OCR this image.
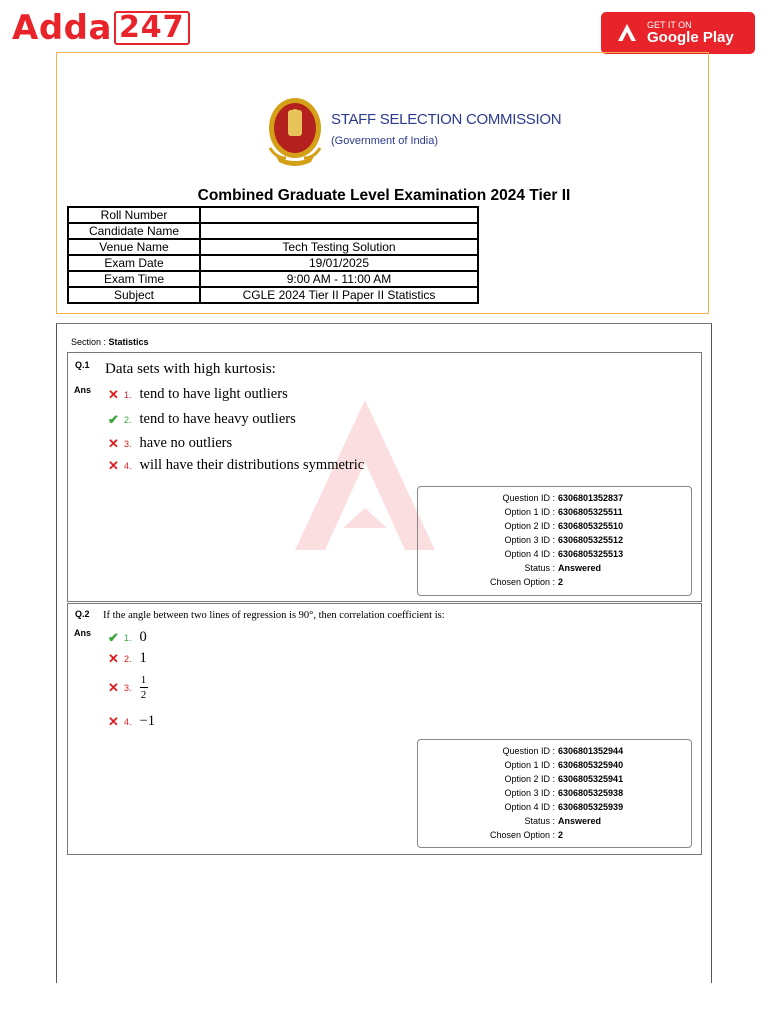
Adda 247	GET IT ON
Google Play
STAFF SELECTION COMMISSION
(Government of India)
Combined Graduate Level Examination 2024 Tier II
Roll Number	
Candidate Name	
Venue Name	Tech Testing Solution
Exam Date	19/01/2025
Exam Time	9:00 AM - 11:00 AM
Subject	CGLE 2024 Tier II Paper II Statistics
Section : Statistics
Q.1
Ans
Data sets with high kurtosis:
✕ 1. tend to have light outliers
✔ 2. tend to have heavy outliers
✕ 3. have no outliers
✕ 4. will have their distributions symmetric
Question ID : 6306801352837
Option 1 ID : 6306805325511
Option 2 ID : 6306805325510
Option 3 ID : 6306805325512
Option 4 ID : 6306805325513
Status : Answered
Chosen Option : 2
Q.2
Ans
If the angle between two lines of regression is 90°, then correlation coefficient is:
✔ 1. 0
✕ 2. 1
✕ 3. $\frac{1}{2}$
✕ 4. −1
Question ID : 6306801352944
Option 1 ID : 6306805325940
Option 2 ID : 6306805325941
Option 3 ID : 6306805325938
Option 4 ID : 6306805325939
Status : Answered
Chosen Option : 2
